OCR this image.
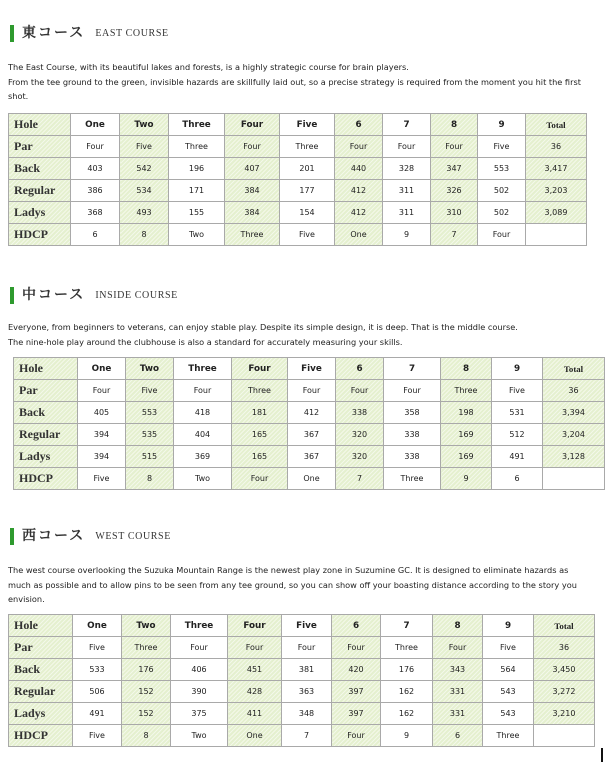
東コース EAST COURSE

The East Course, with its beautiful lakes and forests, is a highly strategic course for brain players.

From the tee ground to the green, invisible hazards are skillfully laid out, so a precise strategy is required from the moment you hit the first shot.

Hole	One	Two	Three	Four	Five	6	7	8	9	Total
Par	Four	Five	Three	Four	Three	Four	Four	Four	Five	36
Back	403	542	196	407	201	440	328	347	553	3,417
Regular	386	534	171	384	177	412	311	326	502	3,203
Ladys	368	493	155	384	154	412	311	310	502	3,089
HDCP	6	8	Two	Three	Five	One	9	7	Four	
中コース INSIDE COURSE

Everyone, from beginners to veterans, can enjoy stable play. Despite its simple design, it is deep. That is the middle course.

The nine-hole play around the clubhouse is also a standard for accurately measuring your skills.

Hole	One	Two	Three	Four	Five	6	7	8	9	Total
Par	Four	Five	Four	Three	Four	Four	Four	Three	Five	36
Back	405	553	418	181	412	338	358	198	531	3,394
Regular	394	535	404	165	367	320	338	169	512	3,204
Ladys	394	515	369	165	367	320	338	169	491	3,128
HDCP	Five	8	Two	Four	One	7	Three	9	6	
西コース WEST COURSE

The west course overlooking the Suzuka Mountain Range is the newest play zone in Suzumine GC. It is designed to eliminate hazards as

much as possible and to allow pins to be seen from any tee ground, so you can show off your boasting distance according to the story you

envision.

Hole	One	Two	Three	Four	Five	6	7	8	9	Total
Par	Five	Three	Four	Four	Four	Four	Three	Four	Five	36
Back	533	176	406	451	381	420	176	343	564	3,450
Regular	506	152	390	428	363	397	162	331	543	3,272
Ladys	491	152	375	411	348	397	162	331	543	3,210
HDCP	Five	8	Two	One	7	Four	9	6	Three	
